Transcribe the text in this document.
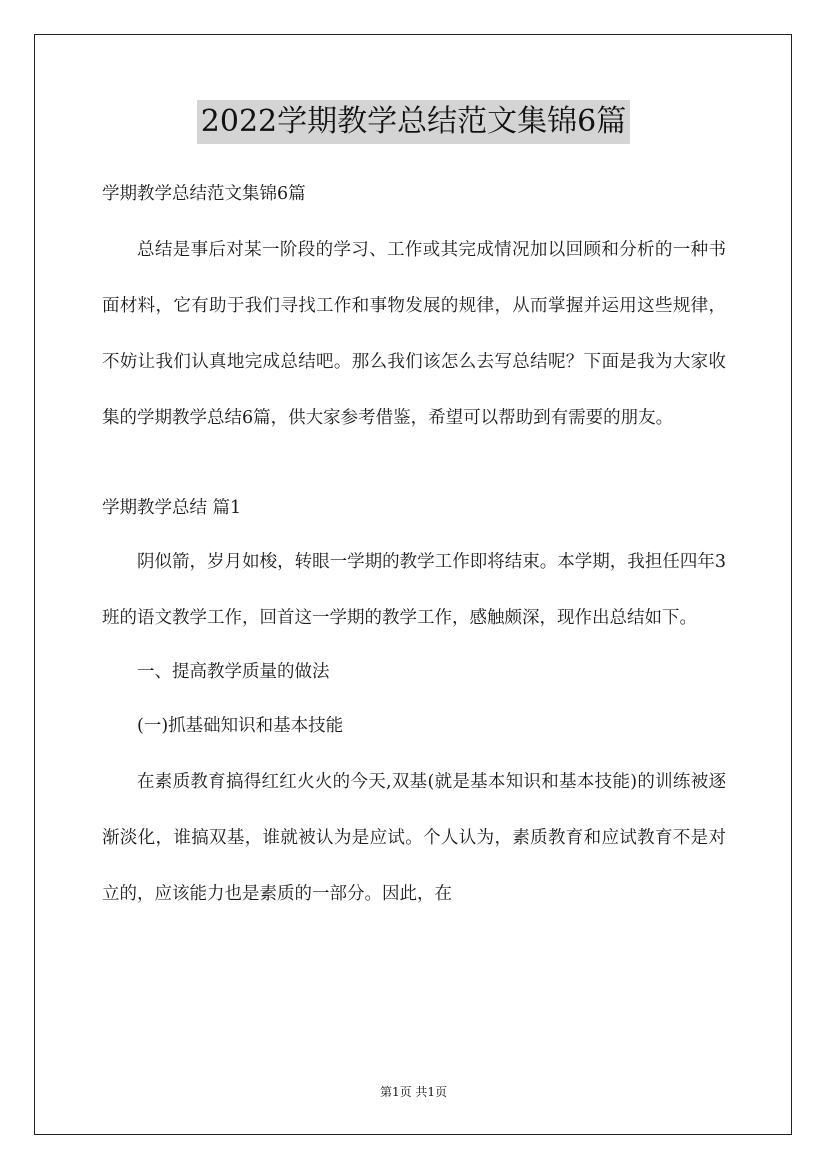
2022学期教学总结范文集锦6篇
学期教学总结范文集锦6篇

总结是事后对某一阶段的学习、工作或其完成情况加以回顾和分析的一种书面材料，它有助于我们寻找工作和事物发展的规律，从而掌握并运用这些规律，不妨让我们认真地完成总结吧。那么我们该怎么去写总结呢？下面是我为大家收集的学期教学总结6篇，供大家参考借鉴，希望可以帮助到有需要的朋友。

学期教学总结 篇1

阴似箭，岁月如梭，转眼一学期的教学工作即将结束。本学期，我担任四年3班的语文教学工作，回首这一学期的教学工作，感触颇深，现作出总结如下。

一、提高教学质量的做法
(一)抓基础知识和基本技能

在素质教育搞得红红火火的今天,双基(就是基本知识和基本技能)的训练被逐渐淡化，谁搞双基，谁就被认为是应试。个人认为，素质教育和应试教育不是对立的，应该能力也是素质的一部分。因此，在

第1页 共1页
